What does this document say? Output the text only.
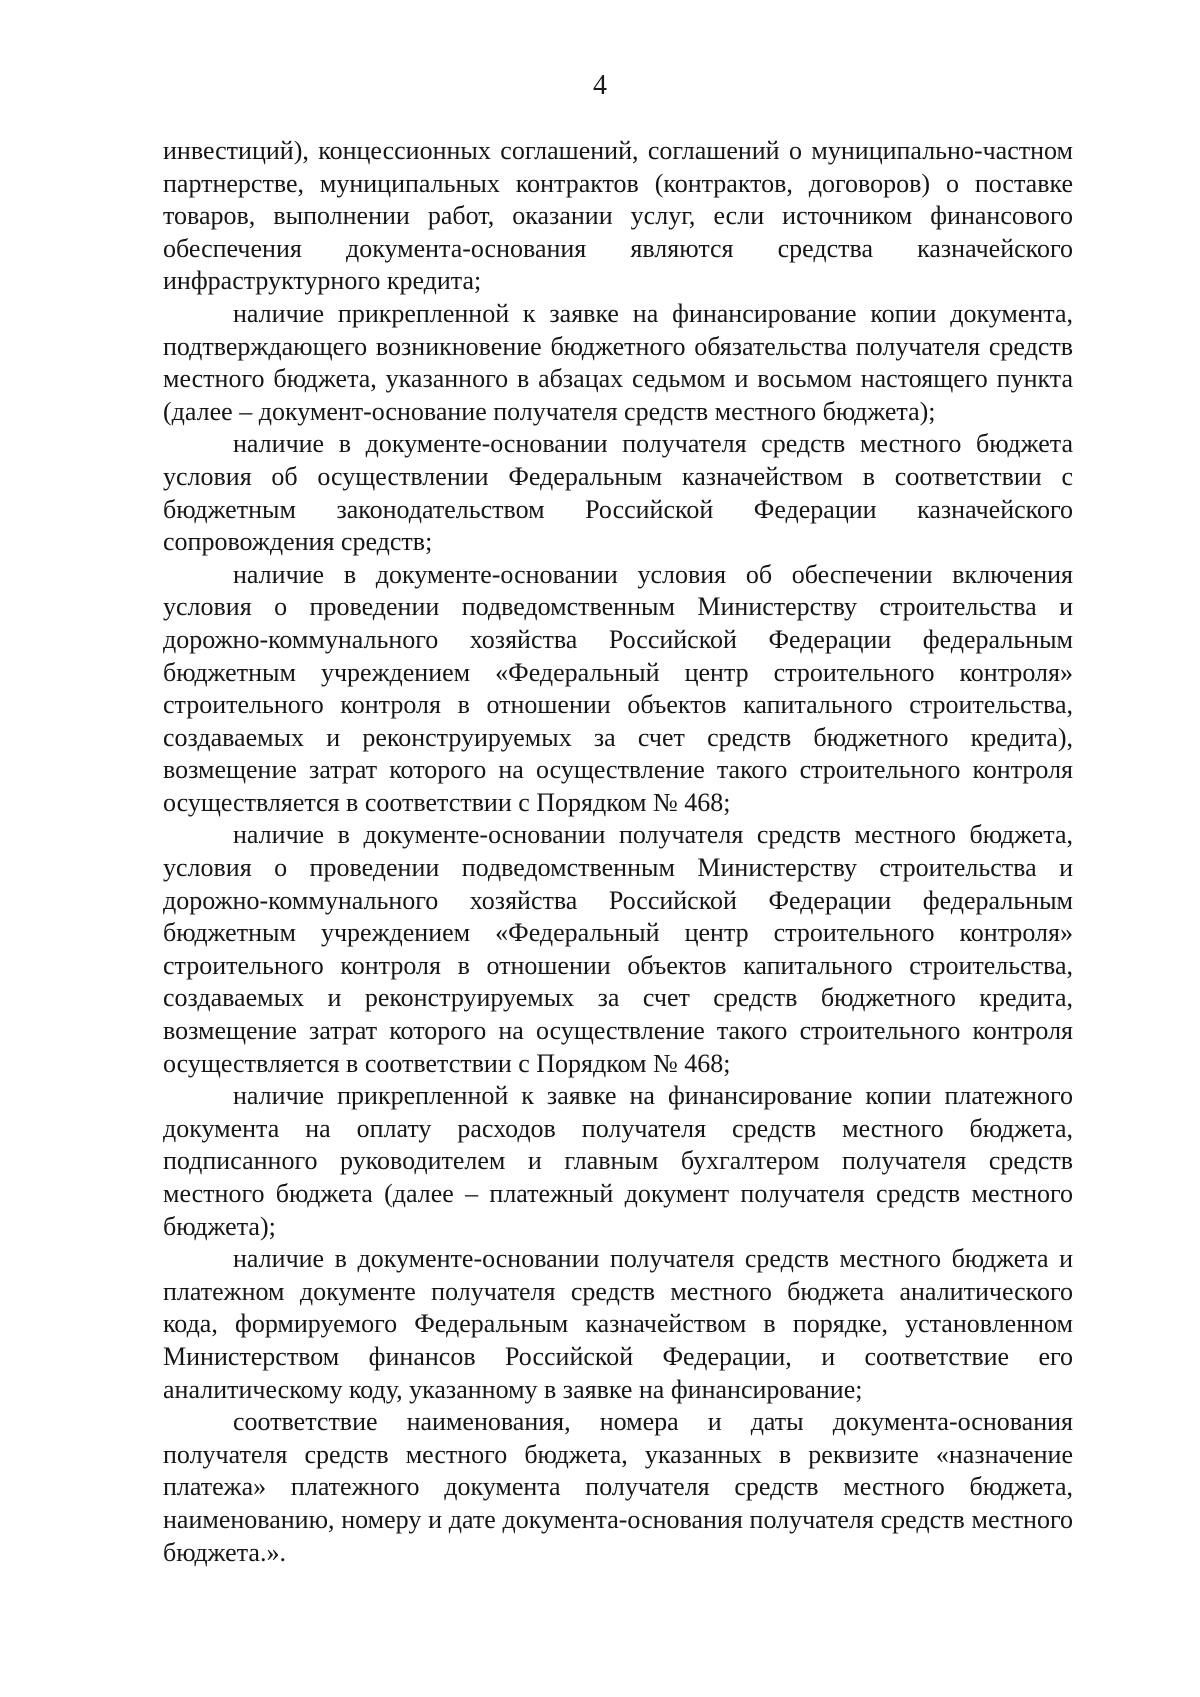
4

инвестиций), концессионных соглашений, соглашений о муниципально-частном партнерстве, муниципальных контрактов (контрактов, договоров) о поставке товаров, выполнении работ, оказании услуг, если источником финансового обеспечения документа-основания являются средства казначейского инфраструктурного кредита;

наличие прикрепленной к заявке на финансирование копии документа, подтверждающего возникновение бюджетного обязательства получателя средств местного бюджета, указанного в абзацах седьмом и восьмом настоящего пункта (далее – документ-основание получателя средств местного бюджета);

наличие в документе-основании получателя средств местного бюджета условия об осуществлении Федеральным казначейством в соответствии с бюджетным законодательством Российской Федерации казначейского сопровождения средств;

наличие в документе-основании условия об обеспечении включения условия о проведении подведомственным Министерству строительства и дорожно-коммунального хозяйства Российской Федерации федеральным бюджетным учреждением «Федеральный центр строительного контроля» строительного контроля в отношении объектов капитального строительства, создаваемых и реконструируемых за счет средств бюджетного кредита), возмещение затрат которого на осуществление такого строительного контроля осуществляется в соответствии с Порядком № 468;

наличие в документе-основании получателя средств местного бюджета, условия о проведении подведомственным Министерству строительства и дорожно-коммунального хозяйства Российской Федерации федеральным бюджетным учреждением «Федеральный центр строительного контроля» строительного контроля в отношении объектов капитального строительства, создаваемых и реконструируемых за счет средств бюджетного кредита, возмещение затрат которого на осуществление такого строительного контроля осуществляется в соответствии с Порядком № 468;

наличие прикрепленной к заявке на финансирование копии платежного документа на оплату расходов получателя средств местного бюджета, подписанного руководителем и главным бухгалтером получателя средств местного бюджета (далее – платежный документ получателя средств местного бюджета);

наличие в документе-основании получателя средств местного бюджета и платежном документе получателя средств местного бюджета аналитического кода, формируемого Федеральным казначейством в порядке, установленном Министерством финансов Российской Федерации, и соответствие его аналитическому коду, указанному в заявке на финансирование;

соответствие наименования, номера и даты документа-основания получателя средств местного бюджета, указанных в реквизите «назначение платежа» платежного документа получателя средств местного бюджета, наименованию, номеру и дате документа-основания получателя средств местного бюджета.».
